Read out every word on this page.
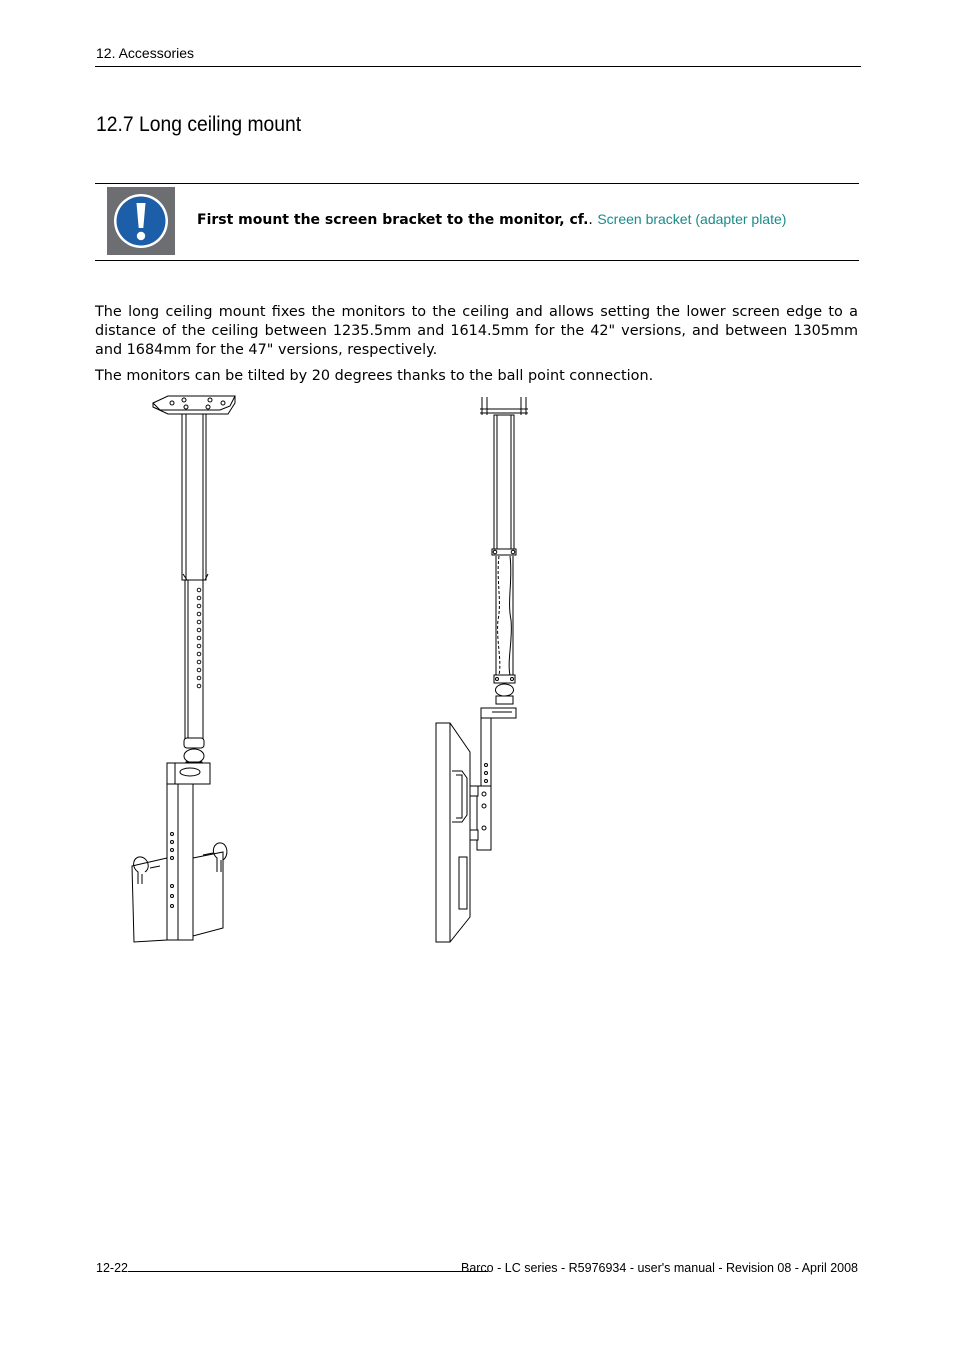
12. Accessories
12.7 Long ceiling mount
First mount the screen bracket to the monitor, cf.. Screen bracket (adapter plate)

The long ceiling mount fixes the monitors to the ceiling and allows setting the lower screen edge to a distance of the ceiling between 1235.5mm and 1614.5mm for the 42" versions, and between 1305mm and 1684mm for the 47" versions, respectively.

The monitors can be tilted by 20 degrees thanks to the ball point connection.

12-22	Barco - LC series - R5976934 - user's manual - Revision 08 - April 2008
